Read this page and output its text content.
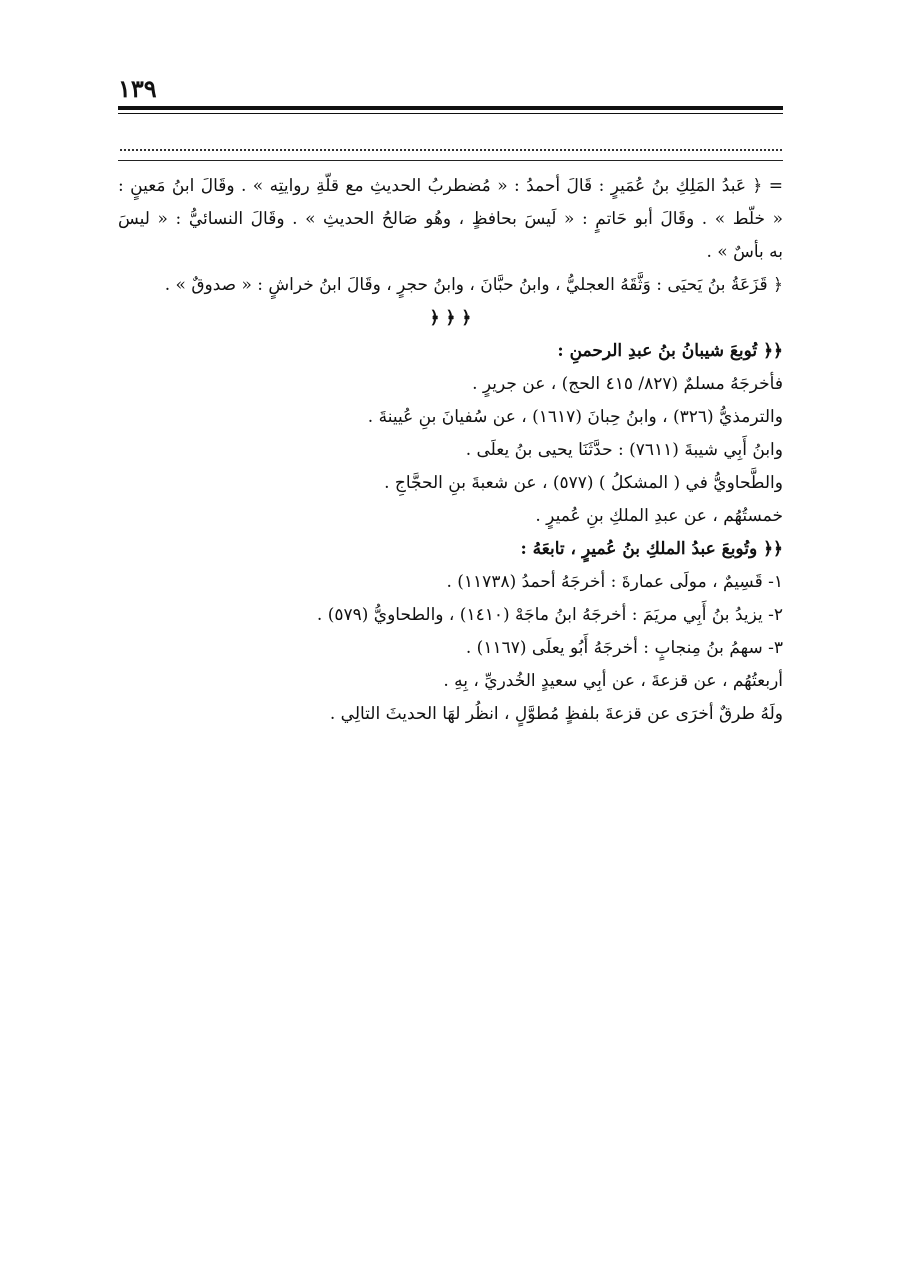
١٣٩
= ﴿ عَبدُ المَلِكِ بنُ عُمَيرٍ : قَالَ أحمدُ : « مُضطربُ الحديثِ مع قلّةِ روايتِه » . وقَالَ ابنُ مَعينٍ :
« خلّط » . وقَالَ أبو حَاتمٍ : « لَيسَ بحافظٍ ، وهُو صَالحُ الحديثِ » . وقَالَ النسائيُّ : « ليسَ
به بأسٌ » .
﴿ قَزَعَةُ بنُ يَحيَى : وَثَّقَهُ العجليُّ ، وابنُ حبَّانَ ، وابنُ حجرٍ ، وقَالَ ابنُ خراشٍ : « صدوقٌ » .
﴿ ﴿ ﴿
﴿﴿ تُوبعَ شيبانُ بنُ عبدِ الرحمنِ :
فأخرجَهُ مسلمٌ (٨٢٧/ ٤١٥ الحج) ، عن جريرٍ .
والترمذيُّ (٣٢٦) ، وابنُ حِبانَ (١٦١٧) ، عن سُفيانَ بنِ عُيينةَ .
وابنُ أَبِي شيبةَ (٧٦١١) : حدَّثَنَا يحيى بنُ يعلَى .
والطَّحاويُّ في ( المشكلُ ) (٥٧٧) ، عن شعبةَ بنِ الحجَّاجِ .
خمستُهُم ، عن عبدِ الملكِ بنِ عُميرٍ .
﴿﴿ وتُوبعَ عبدُ الملكِ بنُ عُميرٍ ، تابعَهُ :
١- قَسِيمٌ ، مولَى عمارةَ : أخرجَهُ أحمدُ (١١٧٣٨) .
٢- يزيدُ بنُ أَبِي مريَمَ : أخرجَهُ ابنُ ماجَهْ (١٤١٠) ، والطحاويُّ (٥٧٩) .
٣- سهمُ بنُ مِنجابٍ : أخرجَهُ أَبُو يعلَى (١١٦٧) .
أربعتُهُم ، عن قزعةَ ، عن أبِي سعيدٍ الخُدريِّ ، بِهِ .
ولَهُ طرقٌ أخرَى عن قزعةَ بلفظٍ مُطوَّلٍ ، انظُر لهَا الحديثَ التالِي .
